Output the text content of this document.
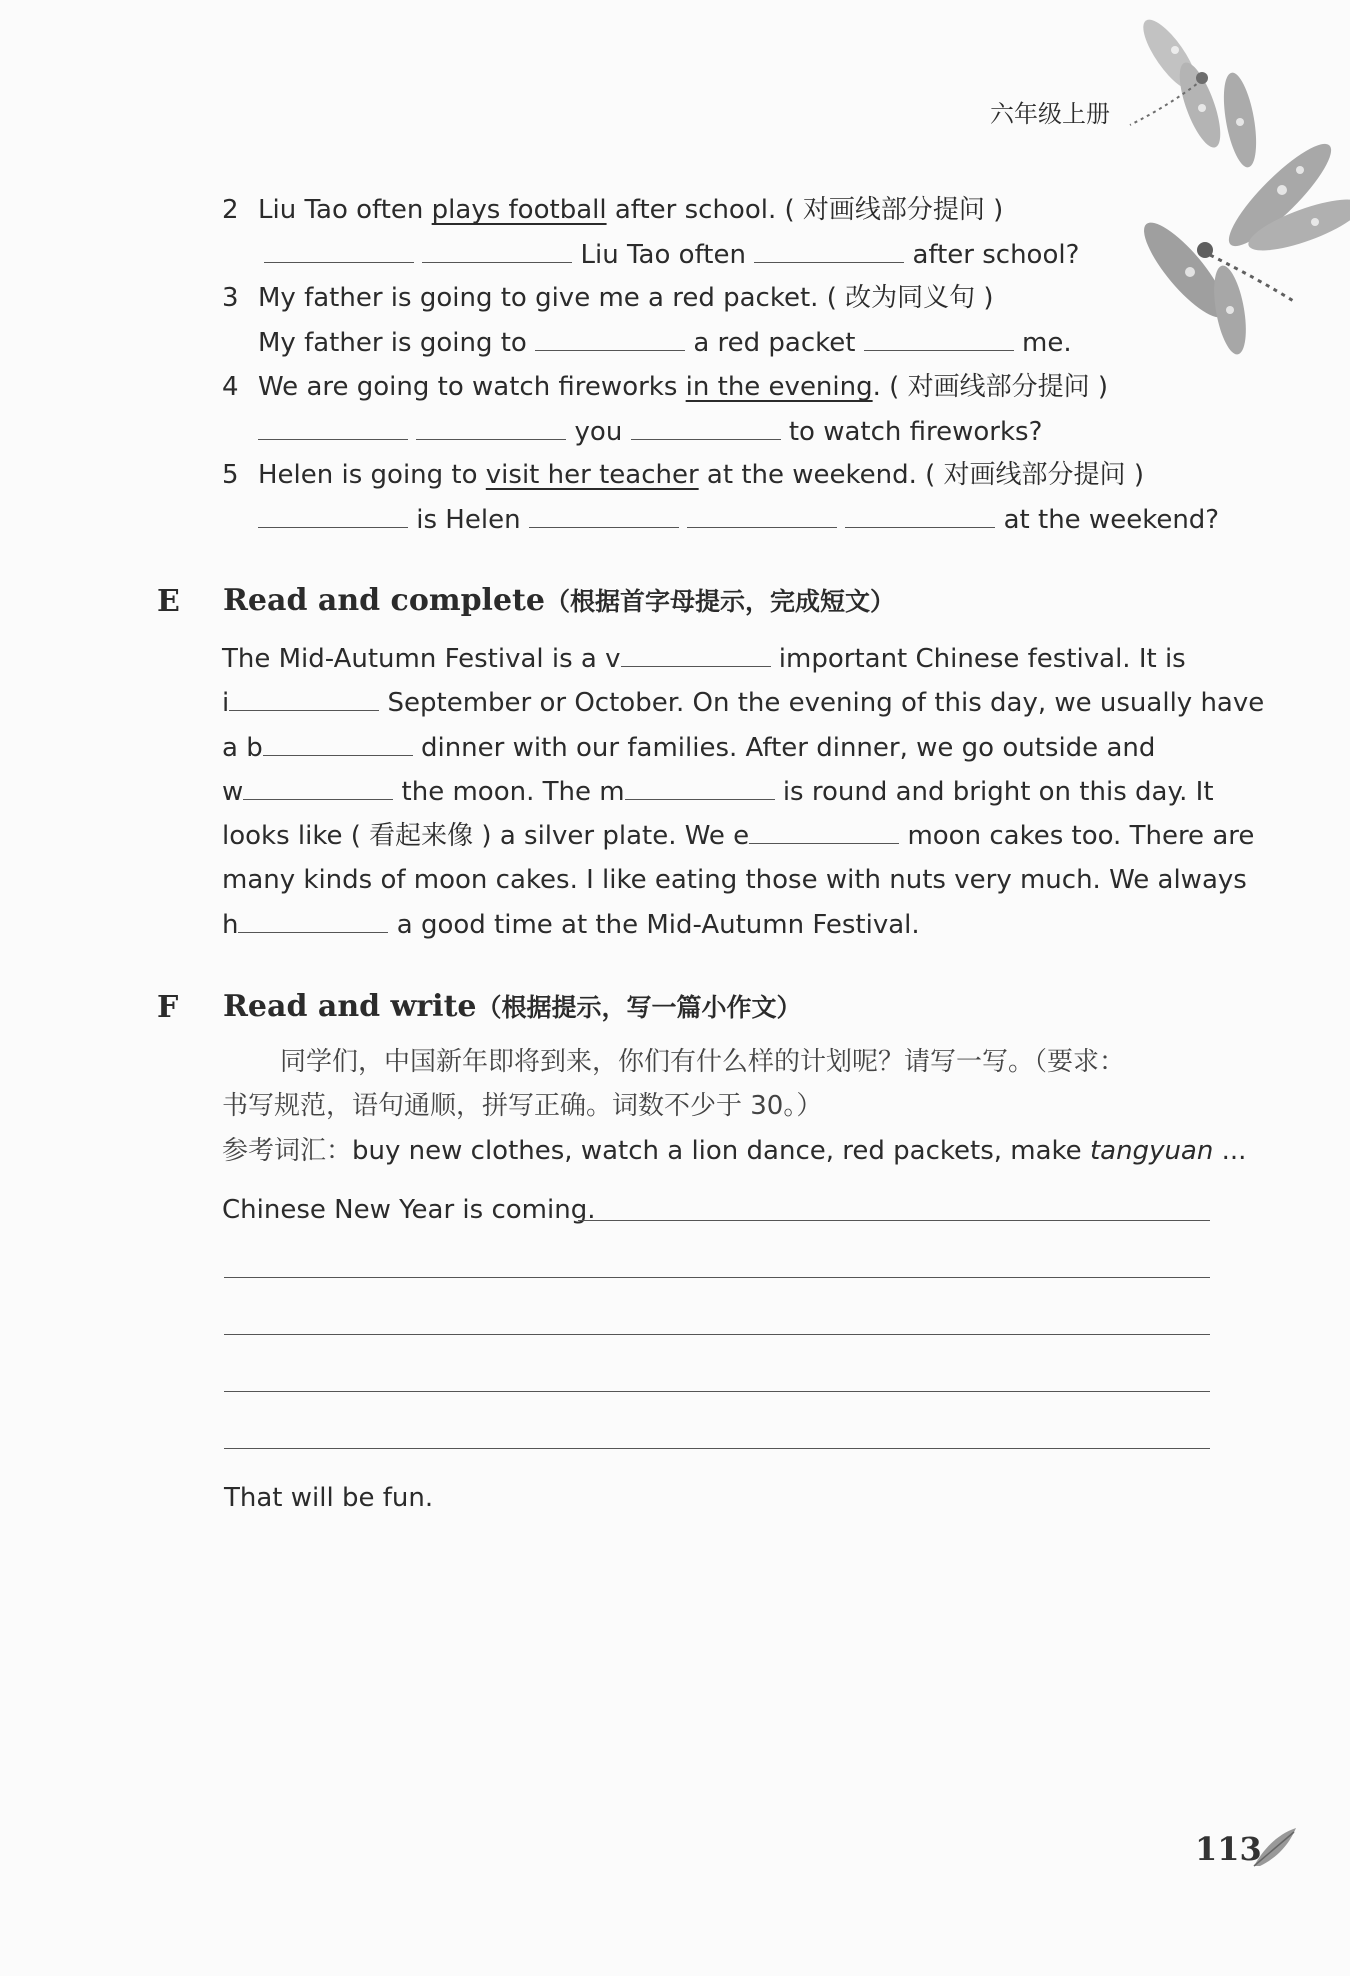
六年级上册
2 Liu Tao often plays football after school. ( 对画线部分提问 )
Liu Tao often	after school?
3 My father is going to give me a red packet. ( 改为同义句 )
My father is going to	a red packet	me.
4 We are going to watch fireworks in the evening. ( 对画线部分提问 )
you	to watch fireworks?
5 Helen is going to visit her teacher at the weekend. ( 对画线部分提问 )
is Helen	at the weekend?
E Read and complete（根据首字母提示，完成短文）
The Mid-Autumn Festival is a v	important Chinese festival. It is
i	September or October. On the evening of this day, we usually have
a b	dinner with our families. After dinner, we go outside and
w	the moon. The m	is round and bright on this day. It
looks like ( 看起来像 ) a silver plate. We e	moon cakes too. There are
many kinds of moon cakes. I like eating those with nuts very much. We always
h	a good time at the Mid-Autumn Festival.
F Read and write（根据提示，写一篇小作文）
同学们，中国新年即将到来，你们有什么样的计划呢？请写一写。（要求：
书写规范，语句通顺，拼写正确。词数不少于 30。）
参考词汇：buy new clothes, watch a lion dance, red packets, make tangyuan ...
Chinese New Year is coming.
That will be fun.
113
